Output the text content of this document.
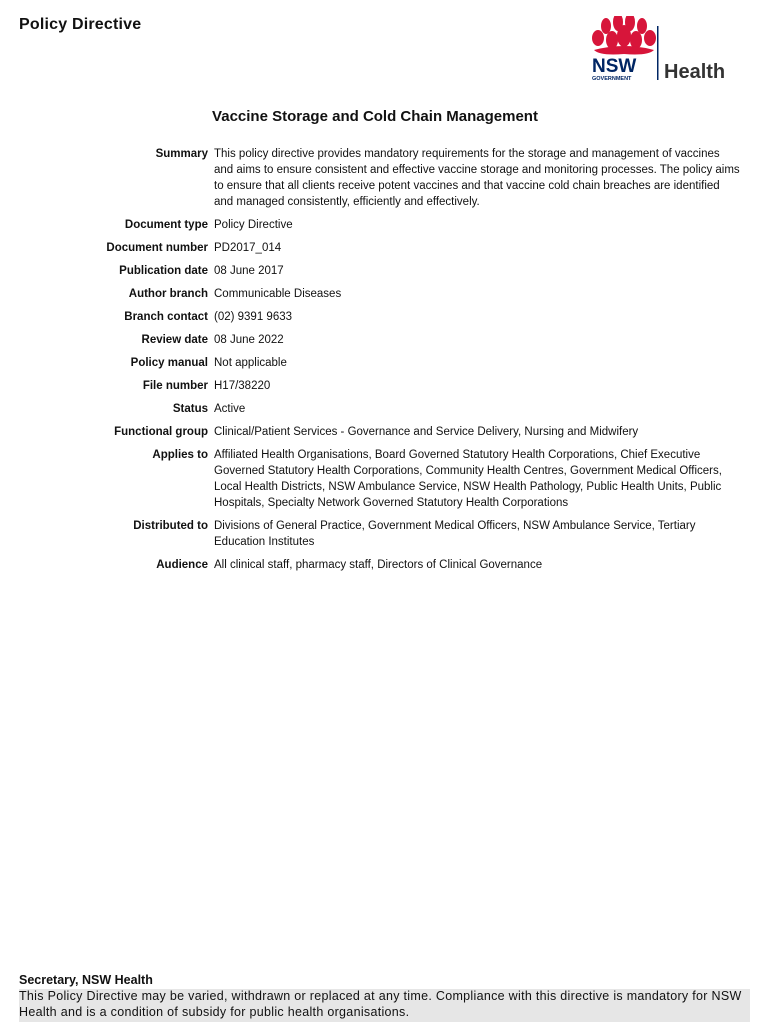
Policy Directive
NSW
GOVERNMENT Health
Vaccine Storage and Cold Chain Management
Summary	This policy directive provides mandatory requirements for the storage and management of vaccines and aims to ensure consistent and effective vaccine storage and monitoring processes. The policy aims to ensure that all clients receive potent vaccines and that vaccine cold chain breaches are identified and managed consistently, efficiently and effectively.
Document type	Policy Directive
Document number	PD2017_014
Publication date	08 June 2017
Author branch	Communicable Diseases
Branch contact	(02) 9391 9633
Review date	08 June 2022
Policy manual	Not applicable
File number	H17/38220
Status	Active
Functional group	Clinical/Patient Services - Governance and Service Delivery, Nursing and Midwifery
Applies to	Affiliated Health Organisations, Board Governed Statutory Health Corporations, Chief Executive Governed Statutory Health Corporations, Community Health Centres, Government Medical Officers, Local Health Districts, NSW Ambulance Service, NSW Health Pathology, Public Health Units, Public Hospitals, Specialty Network Governed Statutory Health Corporations
Distributed to	Divisions of General Practice, Government Medical Officers, NSW Ambulance Service, Tertiary Education Institutes
Audience	All clinical staff, pharmacy staff, Directors of Clinical Governance
Secretary, NSW Health
This Policy Directive may be varied, withdrawn or replaced at any time. Compliance with this directive is mandatory for NSW Health and is a condition of subsidy for public health organisations.
